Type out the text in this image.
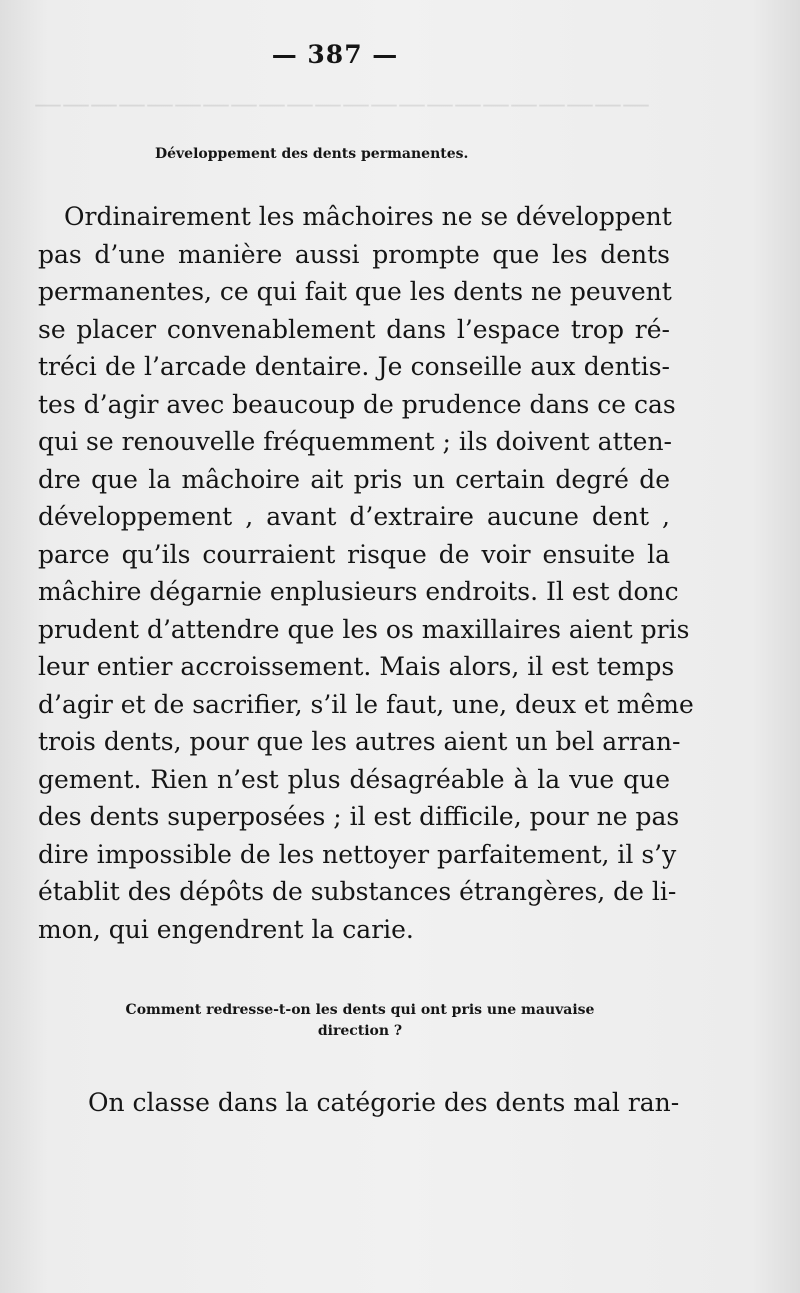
——————————————————————
— 387 —
Développement des dents permanentes.
Ordinairement les mâchoires ne se développent
pas d’une manière aussi prompte que les dents
permanentes, ce qui fait que les dents ne peuvent
se placer convenablement dans l’espace trop ré-
tréci de l’arcade dentaire. Je conseille aux dentis-
tes d’agir avec beaucoup de prudence dans ce cas
qui se renouvelle fréquemment ; ils doivent atten-
dre que la mâchoire ait pris un certain degré de
développement , avant d’extraire aucune dent ,
parce qu’ils courraient risque de voir ensuite la
mâchire dégarnie enplusieurs endroits. Il est donc
prudent d’attendre que les os maxillaires aient pris
leur entier accroissement. Mais alors, il est temps
d’agir et de sacrifier, s’il le faut, une, deux et même
trois dents, pour que les autres aient un bel arran-
gement. Rien n’est plus désagréable à la vue que
des dents superposées ; il est difficile, pour ne pas
dire impossible de les nettoyer parfaitement, il s’y
établit des dépôts de substances étrangères, de li-
mon, qui engendrent la carie.
Comment redresse-t-on les dents qui ont pris une mauvaise
direction ?
On classe dans la catégorie des dents mal ran-
